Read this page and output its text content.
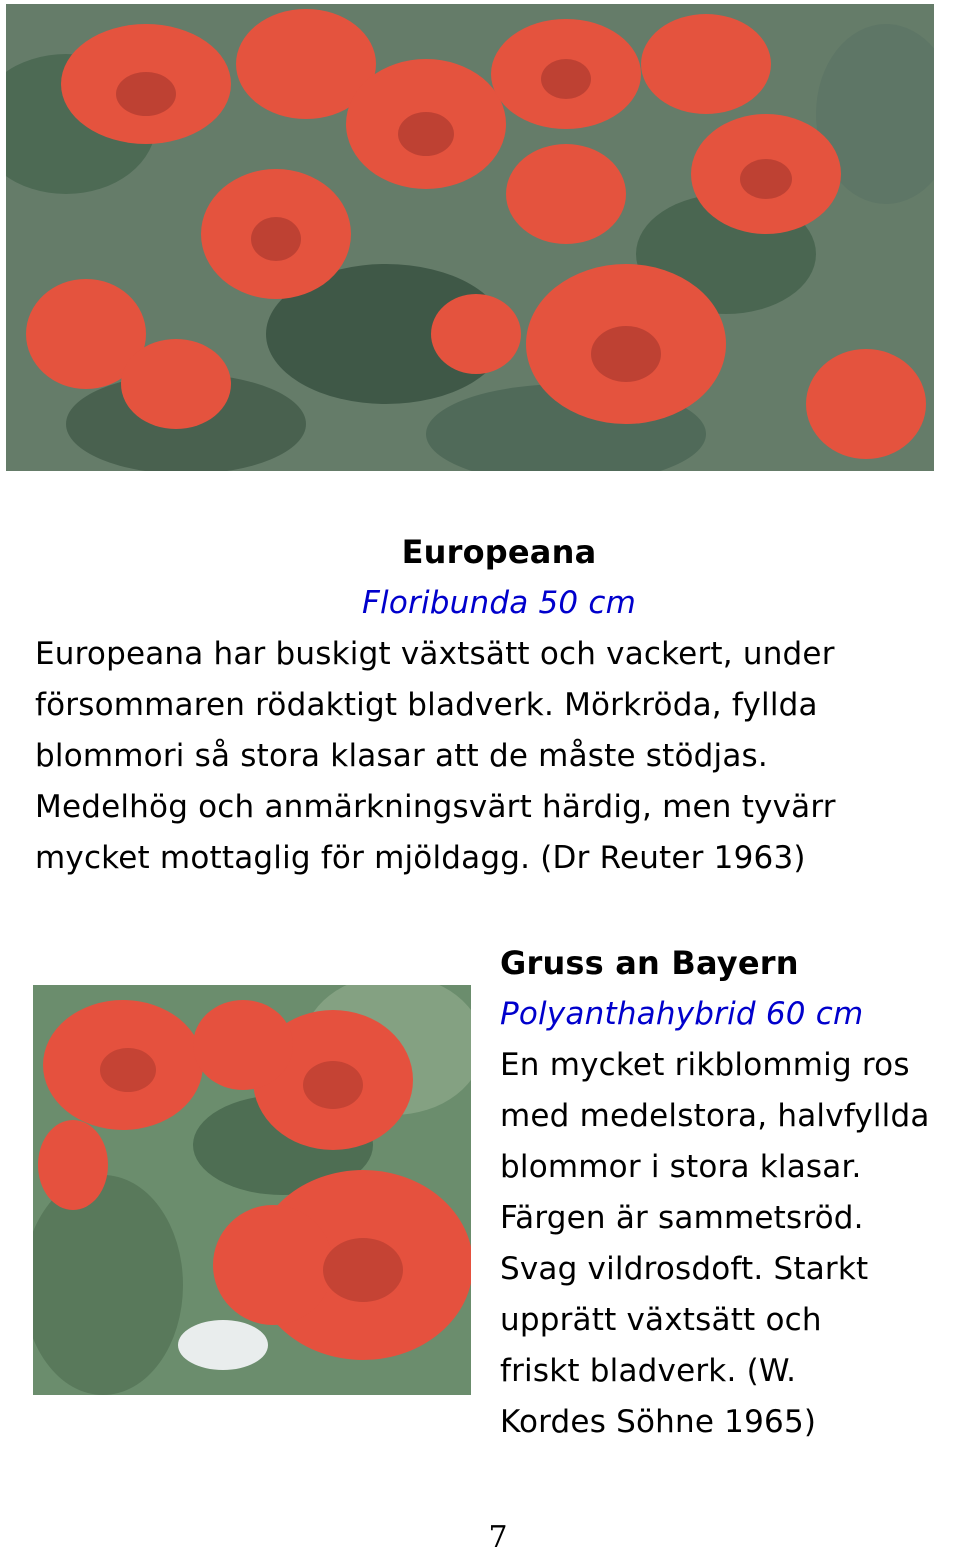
Europeana
Floribunda 50 cm
Europeana har buskigt växtsätt och vackert, under
försommaren rödaktigt bladverk. Mörkröda, fyllda
blommori så stora klasar att de måste stödjas.
Medelhög och anmärkningsvärt härdig, men tyvärr
mycket mottaglig för mjöldagg. (Dr Reuter 1963)
Gruss an Bayern
Polyanthahybrid 60 cm
En mycket rikblommig ros
med medelstora, halvfyllda
blommor i stora klasar.
Färgen är sammetsröd.
Svag vildrosdoft. Starkt
upprätt växtsätt och
friskt bladverk. (W.
Kordes Söhne 1965)
7
